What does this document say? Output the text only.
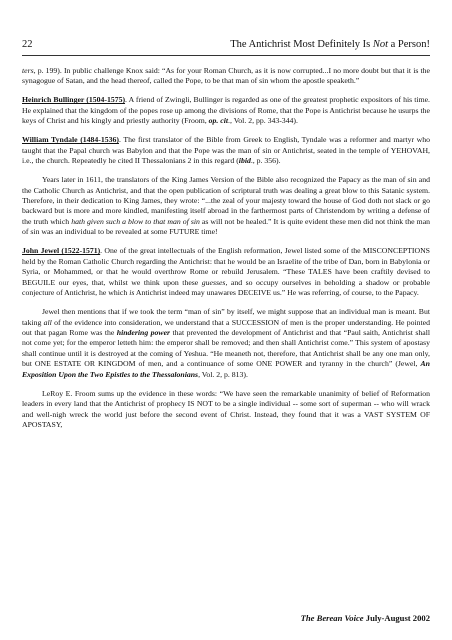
22	The Antichrist Most Definitely Is Not a Person!

ters, p. 199). In public challenge Knox said: “As for your Roman Church, as it is now corrupted...I no more doubt but that it is the synagogue of Satan, and the head thereof, called the Pope, to be that man of sin whom the apostle speaketh.”

Heinrich Bullinger (1504-1575). A friend of Zwingli, Bullinger is regarded as one of the greatest prophetic expositors of his time. He explained that the kingdom of the popes rose up among the divisions of Rome, that the Pope is Antichrist because he usurps the keys of Christ and his kingly and priestly authority (Froom, op. cit., Vol. 2, pp. 343-344).

William Tyndale (1484-1536). The first translator of the Bible from Greek to English, Tyndale was a reformer and martyr who taught that the Papal church was Babylon and that the Pope was the man of sin or Antichrist, seated in the temple of YEHOVAH, i.e., the church. Repeatedly he cited II Thessalonians 2 in this regard (ibid., p. 356).

Years later in 1611, the translators of the King James Version of the Bible also recognized the Papacy as the man of sin and the Catholic Church as Antichrist, and that the open publication of scriptural truth was dealing a great blow to this Satanic system. Therefore, in their dedication to King James, they wrote: “...the zeal of your majesty toward the house of God doth not slack or go backward but is more and more kindled, manifesting itself abroad in the farthermost parts of Christendom by writing a defense of the truth which hath given such a blow to that man of sin as will not be healed.” It is quite evident these men did not think the man of sin was an individual to be revealed at some FUTURE time!

John Jewel (1522-1571). One of the great intellectuals of the English reformation, Jewel listed some of the MISCONCEPTIONS held by the Roman Catholic Church regarding the Antichrist: that he would be an Israelite of the tribe of Dan, born in Babylonia or Syria, or Mohammed, or that he would overthrow Rome or rebuild Jerusalem. “These TALES have been craftily devised to BEGUILE our eyes, that, whilst we think upon these guesses, and so occupy ourselves in beholding a shadow or probable conjecture of Antichrist, he which is Antichrist indeed may unawares DECEIVE us.” He was referring, of course, to the Papacy.

Jewel then mentions that if we took the term “man of sin” by itself, we might suppose that an individual man is meant. But taking all of the evidence into consideration, we understand that a SUCCESSION of men is the proper understanding. He pointed out that pagan Rome was the hindering power that prevented the development of Antichrist and that “Paul saith, Antichrist shall not come yet; for the emperor letteth him: the emperor shall be removed; and then shall Antichrist come.” This system of apostasy shall continue until it is destroyed at the coming of Yeshua. “He meaneth not, therefore, that Antichrist shall be any one man only, but ONE ESTATE OR KINGDOM of men, and a continuance of some ONE POWER and tyranny in the church” (Jewel, An Exposition Upon the Two Epistles to the Thessalonians, Vol. 2, p. 813).

LeRoy E. Froom sums up the evidence in these words: “We have seen the remarkable unanimity of belief of Reformation leaders in every land that the Antichrist of prophecy IS NOT to be a single individual -- some sort of superman -- who will wrack and well-nigh wreck the world just before the second event of Christ. Instead, they found that it was a VAST SYSTEM OF APOSTASY,

The Berean Voice July-August 2002
